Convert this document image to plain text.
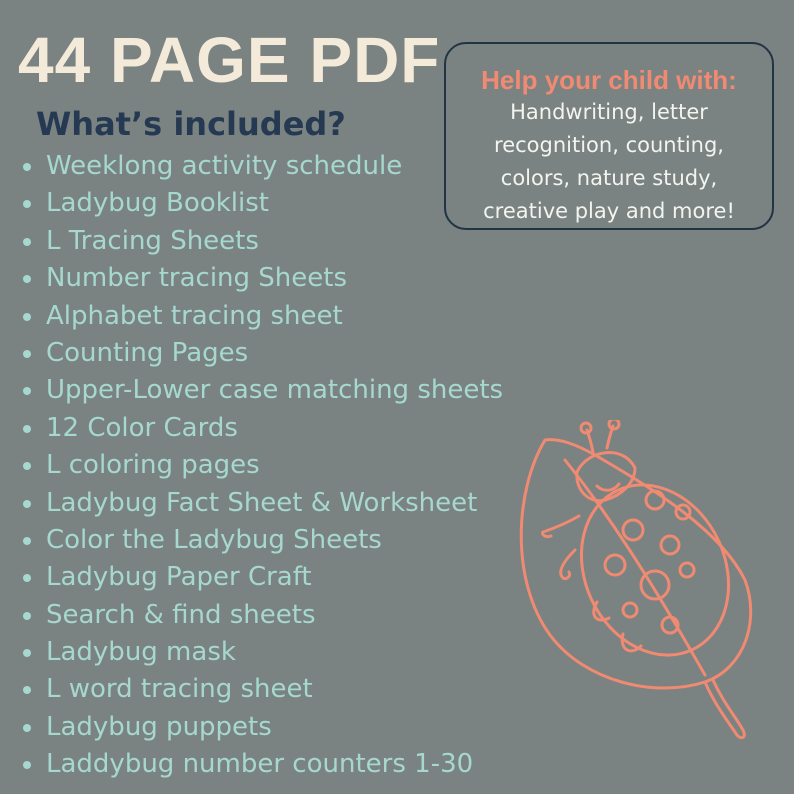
44 PAGE PDF
What’s included?
Weeklong activity schedule
Ladybug Booklist
L Tracing Sheets
Number tracing Sheets
Alphabet tracing sheet
Counting Pages
Upper-Lower case matching sheets
12 Color Cards
L coloring pages
Ladybug Fact Sheet & Worksheet
Color the Ladybug Sheets
Ladybug Paper Craft
Search & find sheets
Ladybug mask
L word tracing sheet
Ladybug puppets
Laddybug number counters 1-30

Help your child with:

Handwriting, letter

recognition, counting,

colors, nature study,

creative play and more!
